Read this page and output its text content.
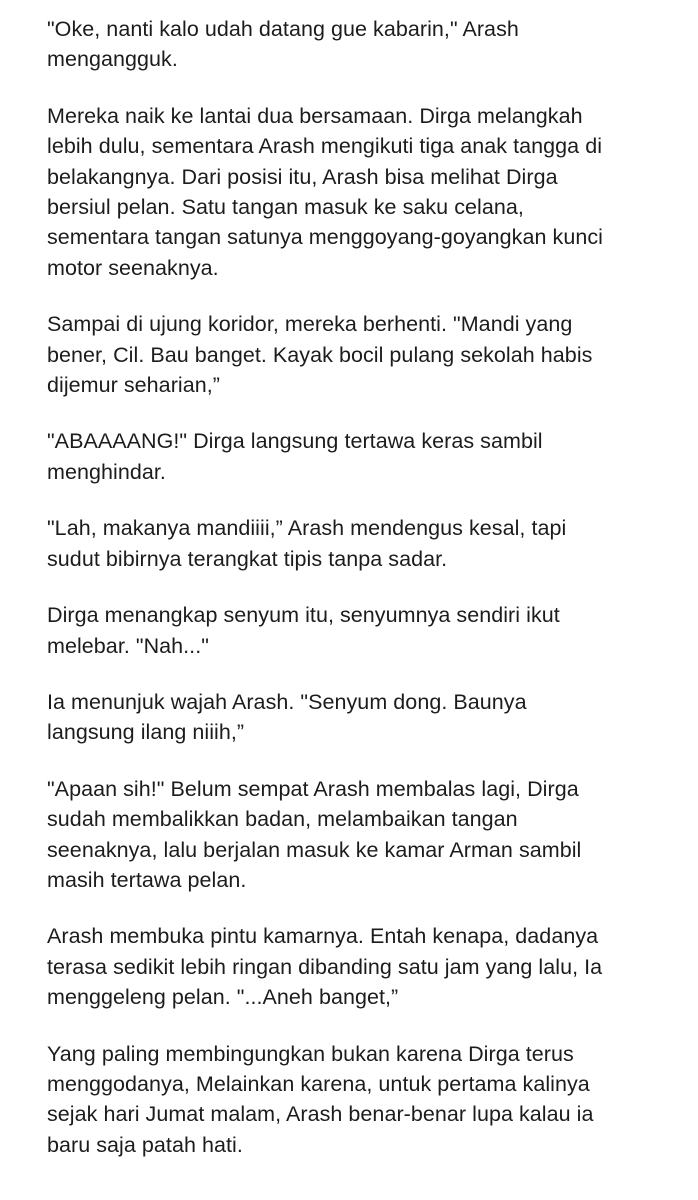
"Oke, nanti kalo udah datang gue kabarin," Arash
mengangguk.

Mereka naik ke lantai dua bersamaan. Dirga melangkah
lebih dulu, sementara Arash mengikuti tiga anak tangga di
belakangnya. Dari posisi itu, Arash bisa melihat Dirga
bersiul pelan. Satu tangan masuk ke saku celana,
sementara tangan satunya menggoyang-goyangkan kunci
motor seenaknya.

Sampai di ujung koridor, mereka berhenti. "Mandi yang
bener, Cil. Bau banget. Kayak bocil pulang sekolah habis
dijemur seharian,”

"ABAAAANG!" Dirga langsung tertawa keras sambil
menghindar.

"Lah, makanya mandiiii,” Arash mendengus kesal, tapi
sudut bibirnya terangkat tipis tanpa sadar.

Dirga menangkap senyum itu, senyumnya sendiri ikut
melebar. "Nah..."

Ia menunjuk wajah Arash. "Senyum dong. Baunya
langsung ilang niiih,”

"Apaan sih!" Belum sempat Arash membalas lagi, Dirga
sudah membalikkan badan, melambaikan tangan
seenaknya, lalu berjalan masuk ke kamar Arman sambil
masih tertawa pelan.

Arash membuka pintu kamarnya. Entah kenapa, dadanya
terasa sedikit lebih ringan dibanding satu jam yang lalu, Ia
menggeleng pelan. "...Aneh banget,”

Yang paling membingungkan bukan karena Dirga terus
menggodanya, Melainkan karena, untuk pertama kalinya
sejak hari Jumat malam, Arash benar-benar lupa kalau ia
baru saja patah hati.
